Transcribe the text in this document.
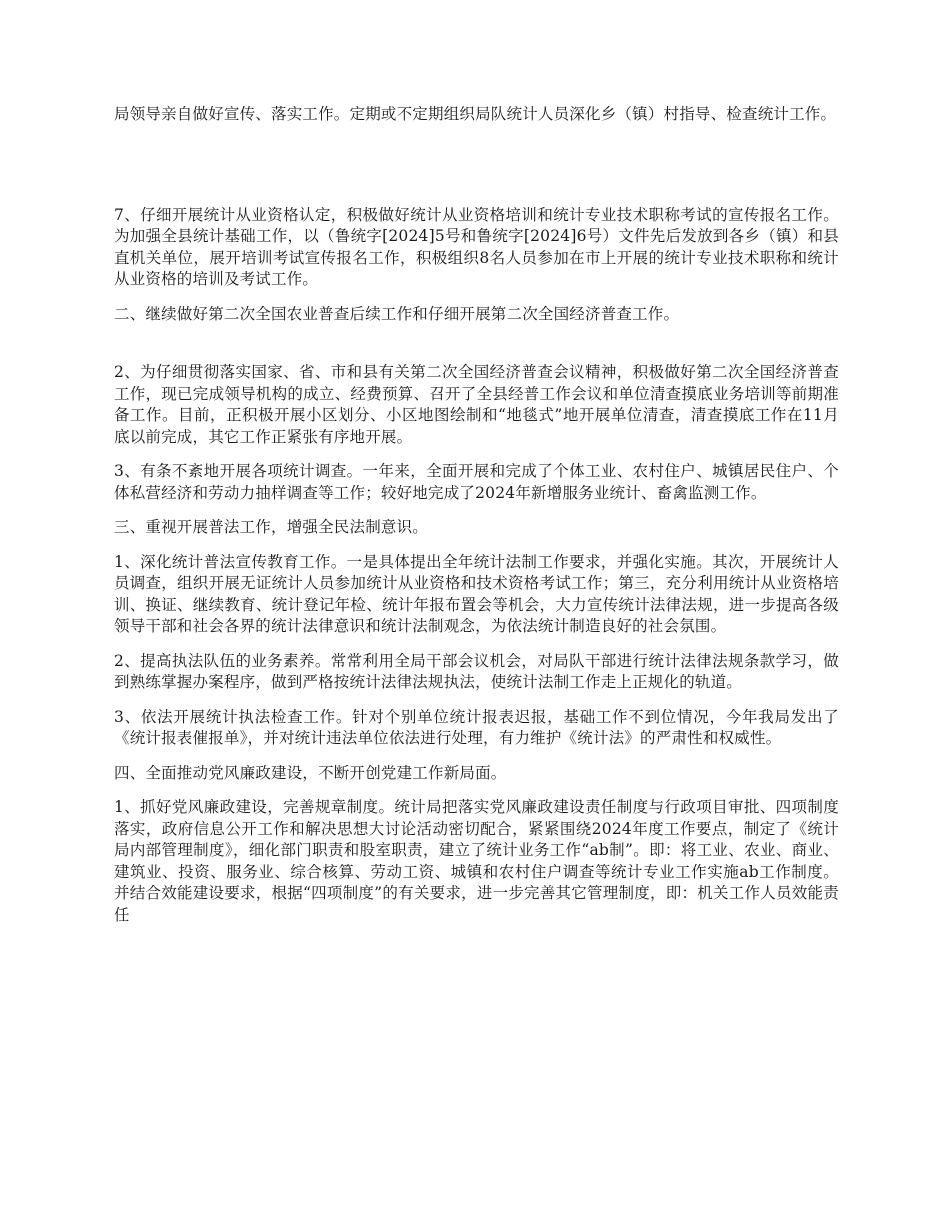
局领导亲自做好宣传、落实工作。定期或不定期组织局队统计人员深化乡（镇）村指导、检查统计工作。

7、仔细开展统计从业资格认定，积极做好统计从业资格培训和统计专业技术职称考试的宣传报名工作。为加强全县统计基础工作，以（鲁统字[2024]5号和鲁统字[2024]6号）文件先后发放到各乡（镇）和县直机关单位，展开培训考试宣传报名工作，积极组织8名人员参加在市上开展的统计专业技术职称和统计从业资格的培训及考试工作。

二、继续做好第二次全国农业普查后续工作和仔细开展第二次全国经济普查工作。

2、为仔细贯彻落实国家、省、市和县有关第二次全国经济普查会议精神，积极做好第二次全国经济普查工作，现已完成领导机构的成立、经费预算、召开了全县经普工作会议和单位清查摸底业务培训等前期准备工作。目前，正积极开展小区划分、小区地图绘制和“地毯式”地开展单位清查，清查摸底工作在11月底以前完成，其它工作正紧张有序地开展。

3、有条不紊地开展各项统计调查。一年来，全面开展和完成了个体工业、农村住户、城镇居民住户、个体私营经济和劳动力抽样调查等工作；较好地完成了2024年新增服务业统计、畜禽监测工作。

三、重视开展普法工作，增强全民法制意识。

1、深化统计普法宣传教育工作。一是具体提出全年统计法制工作要求，并强化实施。其次，开展统计人员调查，组织开展无证统计人员参加统计从业资格和技术资格考试工作；第三，充分利用统计从业资格培训、换证、继续教育、统计登记年检、统计年报布置会等机会，大力宣传统计法律法规，进一步提高各级领导干部和社会各界的统计法律意识和统计法制观念，为依法统计制造良好的社会氛围。

2、提高执法队伍的业务素养。常常利用全局干部会议机会，对局队干部进行统计法律法规条款学习，做到熟练掌握办案程序，做到严格按统计法律法规执法，使统计法制工作走上正规化的轨道。

3、依法开展统计执法检查工作。针对个别单位统计报表迟报，基础工作不到位情况，今年我局发出了《统计报表催报单》，并对统计违法单位依法进行处理，有力维护《统计法》的严肃性和权威性。

四、全面推动党风廉政建设，不断开创党建工作新局面。

1、抓好党风廉政建设，完善规章制度。统计局把落实党风廉政建设责任制度与行政项目审批、四项制度落实，政府信息公开工作和解决思想大讨论活动密切配合，紧紧围绕2024年度工作要点，制定了《统计局内部管理制度》，细化部门职责和股室职责，建立了统计业务工作“ab制”。即：将工业、农业、商业、建筑业、投资、服务业、综合核算、劳动工资、城镇和农村住户调查等统计专业工作实施ab工作制度。并结合效能建设要求，根据“四项制度”的有关要求，进一步完善其它管理制度，即：机关工作人员效能责任
